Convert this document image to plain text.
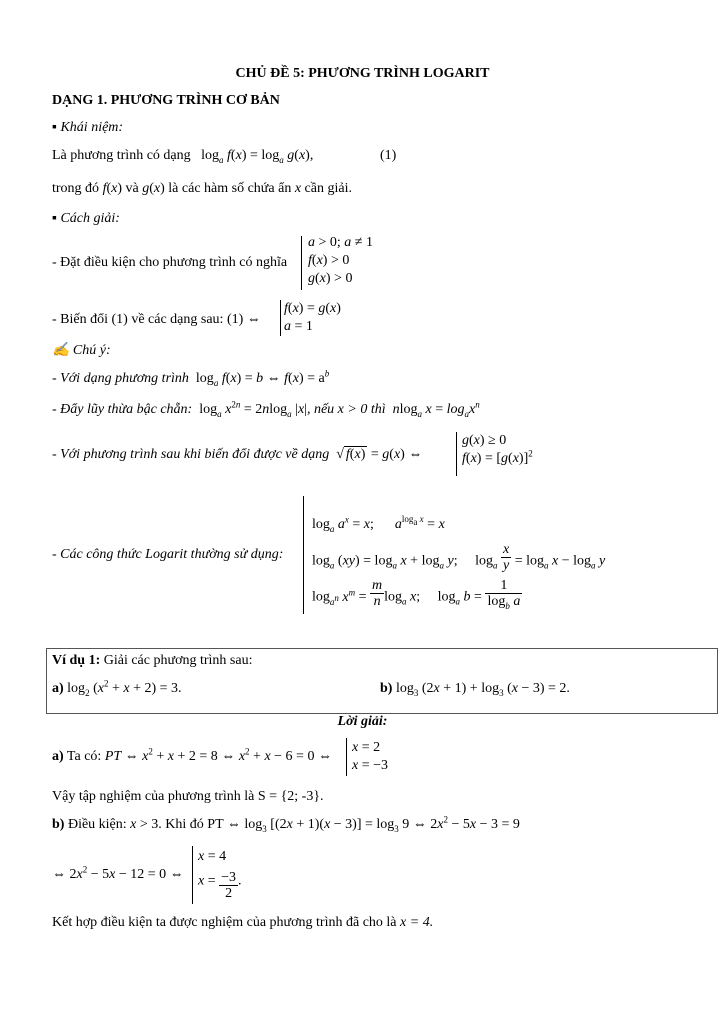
CHỦ ĐỀ 5: PHƯƠNG TRÌNH LOGARIT
DẠNG 1. PHƯƠNG TRÌNH CƠ BẢN
▪ Khái niệm:
Là phương trình có dạng   $\log_a f(x) = \log_a g(x)$,	(1)
trong đó f(x) và g(x) là các hàm số chứa ẩn x cần giải.
▪ Cách giải:
- Đặt điều kiện cho phương trình có nghĩa
a > 0; a ≠ 1
f(x) > 0
g(x) > 0
- Biến đổi (1) về các dạng sau: (1) ⇔
f(x) = g(x)
a = 1
✍ Chú ý:
- Với dạng phương trình  $\log_a f(x) = b$ ⇔ $f(x) = a^b$
- Đẩy lũy thừa bậc chẵn:  $\log_a x^{2n} = 2nlog_a$ |x|, nếu x > 0 thì nlog$_a$ $x = \log_ax^n$
- Với phương trình sau khi biến đổi được về dạng  √ f(x) = g(x) ⇔
g(x) ≥ 0
$f(x) = [g(x)]^2$
- Các công thức Logarit thường sử dụng:
$\log_a a^x = x$;      $a^{log_a x} = x$
$\log_a (xy) = \log_a x + \log_a y$;     $\log_a \frac{x}{y} = \log_a x - \log_a y$
$\log_{a^n} x^m = \frac{m}{n} \log_a x$;     $\log_a b = \frac{1}{\log_b a}$
Ví dụ 1: Giải các phương trình sau:
a) $\log_2 (x^2 + x + 2) = 3$.	b) $\log_3 (2x + 1) + \log_3 (x - 3) = 2$.
Lời giải:
a) Ta có: PT ⇔ $x^2 + x + 2 = 8$ ⇔ $x^2 + x - 6 = 0$ ⇔
x = 2
x = −3
Vậy tập nghiệm của phương trình là S = {2; -3}.
b) Điều kiện: x > 3. Khi đó PT ⇔ $\log_3 [(2x + 1)(x - 3)] = \log_3 9$ ⇔ $2x^2 - 5x - 3 = 9$
⇔ $2x^2 - 5x - 12 = 0$ ⇔
x = 4
$x = \frac{-3}{2}$ .
Kết hợp điều kiện ta được nghiệm của phương trình đã cho là x = 4.
